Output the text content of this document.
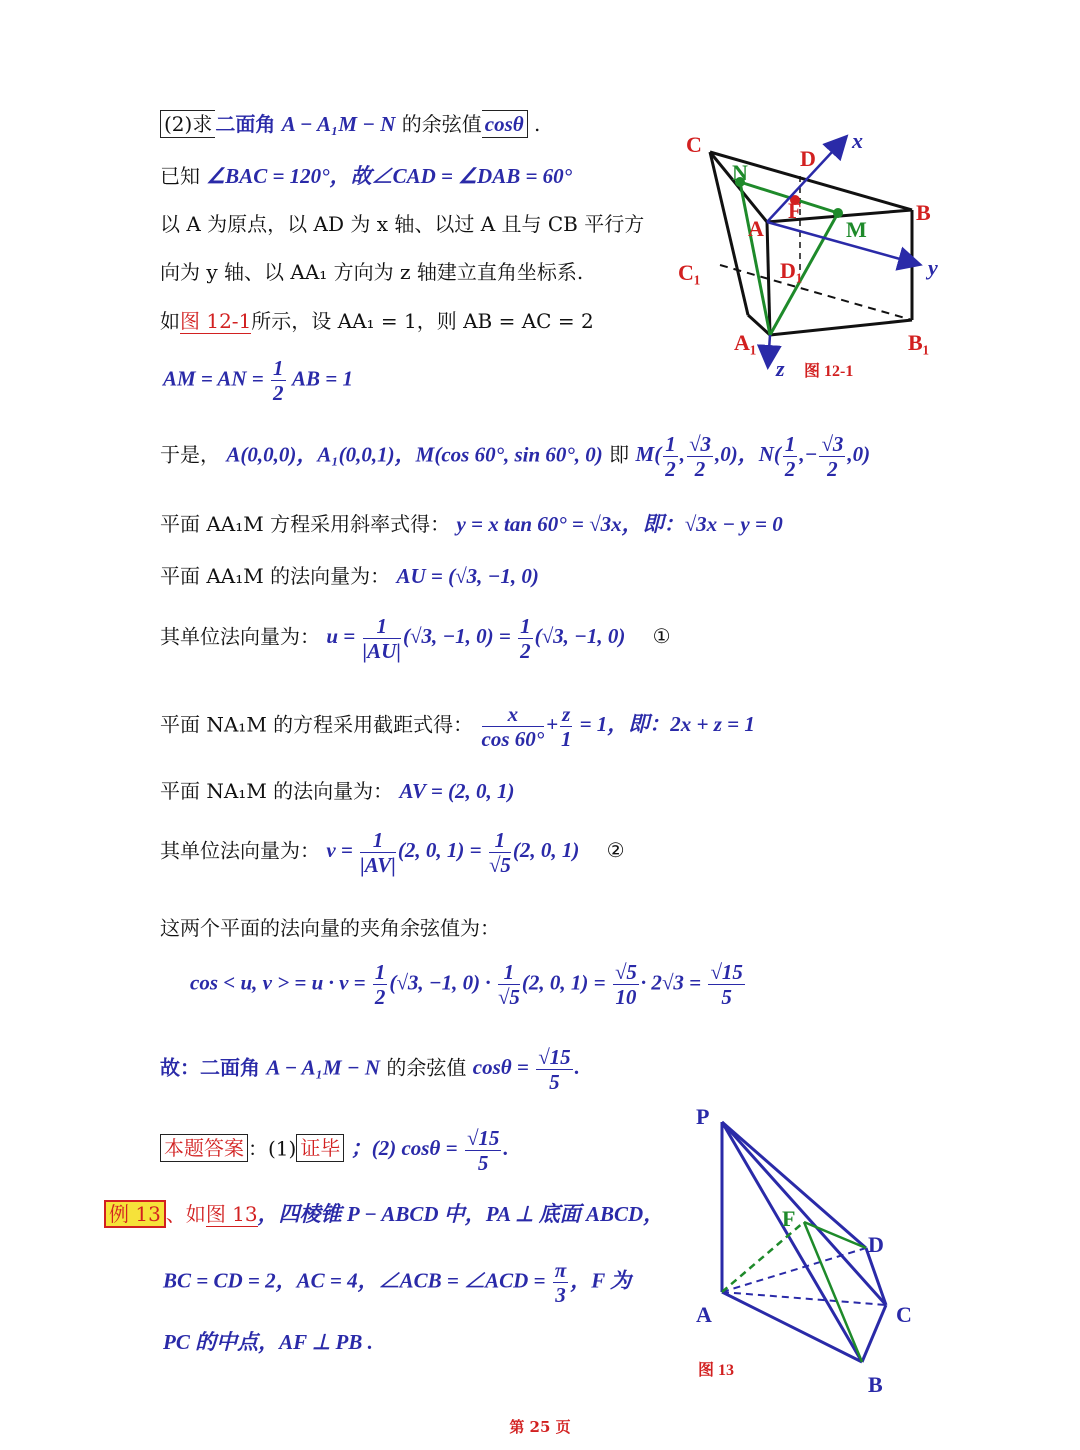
(2)求 二面角 A − A₁M − N 的余弦值 cosθ .
已知 ∠BAC = 120°，故∠CAD = ∠DAB = 60°
以 A 为原点，以 AD 为 x 轴、以过 A 且与 CB 平行方
向为 y 轴、以 AA₁ 方向为 z 轴建立直角坐标系.
如图 12-1所示，设 AA₁ = 1，则 AB = AC = 2
AM = AN = $\frac{1}{2}$ AB = 1
于是， A(0,0,0)，A₁(0,0,1)，M(cos 60°, sin 60°, 0) 即 $M( \frac{1}{2}$ , $\frac{√3}{2} ,0$)，$N( \frac{1}{2}$ ,− $\frac{√3}{2} ,0$)
平面 AA₁M 方程采用斜率式得： y = x tan 60° = √3x，即：√3x − y = 0
平面 AA₁M 的法向量为： AU = (√3, −1, 0)
其单位法向量为： $u = \frac{1}{|AU|} (√3$, −1, $0) = \frac{1}{2} (√3$, −1, 0) ①
平面 NA₁M 的方程采用截距式得： $\frac{x}{\cos 60^\circ} + \frac{z}{1} = 1$，即：2x + z = 1
平面 NA₁M 的法向量为： AV = (2, 0, 1)
其单位法向量为： $v = \frac{1}{|AV|} (2$, 0, $1) = \frac{1}{√5} (2$, 0, 1) ②
这两个平面的法向量的夹角余弦值为：
cos < u, v > = $u \cdot v = \frac{1}{2} (√3$, −1, $0) \cdot \frac{1}{√5} (2$, 0, $1) = \frac{√5}{10} \cdot 2√3 = \frac{√15}{5}$
故：二面角 A − A₁M − N 的余弦值 $\cos\theta = \frac{√15}{5}$ .
本题答案 ：(1) 证毕 ；(2) $\cos\theta = \frac{√15}{5}$ .
例 13 、如图 13，四棱锥 P − ABCD 中，PA ⊥ 底面 ABCD，
BC = CD = 2，AC = 4，∠ACB = ∠ACD = $\frac{\pi}{3}$ ，F 为
PC 的中点，AF ⊥ PB .
C
D
x
N
F
A	M
B
C₁	D₁	y
A₁	B₁
z 图 12-1
P
F
D
A	C
B
图 13
第 25 页
